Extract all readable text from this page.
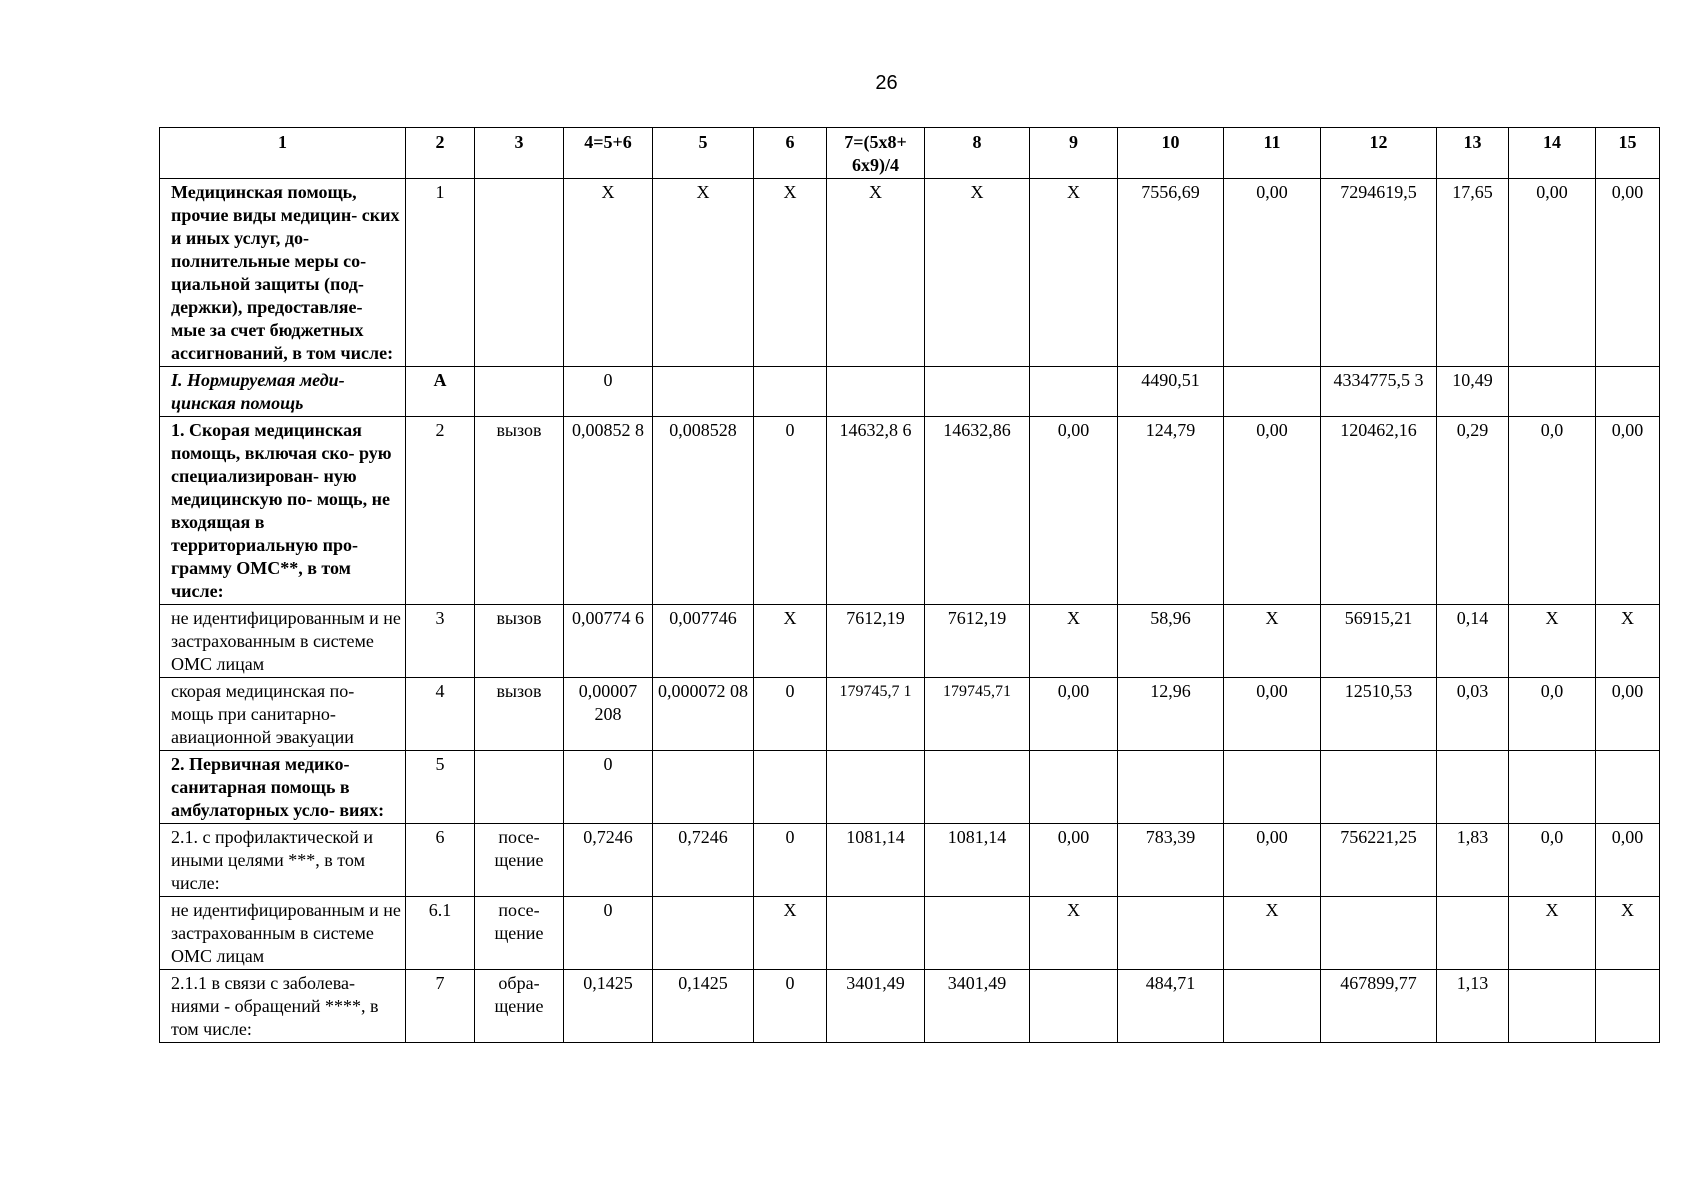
26
1	2	3	4=5+6	5	6	7=(5х8+ 6х9)/4	8	9	10	11	12	13	14	15
Медицинская помощь, прочие виды медицин- ских и иных услуг, до- полнительные меры со- циальной защиты (под- держки), предоставляе- мые за счет бюджетных ассигнований, в том числе:	1		Х	Х	Х	Х	Х	Х	7556,69	0,00	7294619,5	17,65	0,00	0,00
I. Нормируемая меди- цинская помощь	А		0						4490,51		4334775,5 3	10,49		
1. Скорая медицинская помощь, включая ско- рую специализирован- ную медицинскую по- мощь, не входящая в территориальную про- грамму ОМС**, в том числе:	2	вызов	0,00852 8	0,008528	0	14632,8 6	14632,86	0,00	124,79	0,00	120462,16	0,29	0,0	0,00
не идентифицированным и не застрахованным в системе ОМС лицам	3	вызов	0,00774 6	0,007746	Х	7612,19	7612,19	Х	58,96	Х	56915,21	0,14	Х	Х
скорая медицинская по- мощь при санитарно- авиационной эвакуации	4	вызов	0,00007 208	0,000072 08	0	179745,7 1	179745,71	0,00	12,96	0,00	12510,53	0,03	0,0	0,00
2. Первичная медико- санитарная помощь в амбулаторных усло- виях:	5		0											
2.1. с профилактической и иными целями ***, в том числе:	6	посе- щение	0,7246	0,7246	0	1081,14	1081,14	0,00	783,39	0,00	756221,25	1,83	0,0	0,00
не идентифицированным и не застрахованным в системе ОМС лицам	6.1	посе- щение	0		Х			Х		Х			Х	Х
2.1.1 в связи с заболева- ниями - обращений ****, в том числе:	7	обра- щение	0,1425	0,1425	0	3401,49	3401,49		484,71		467899,77	1,13		
